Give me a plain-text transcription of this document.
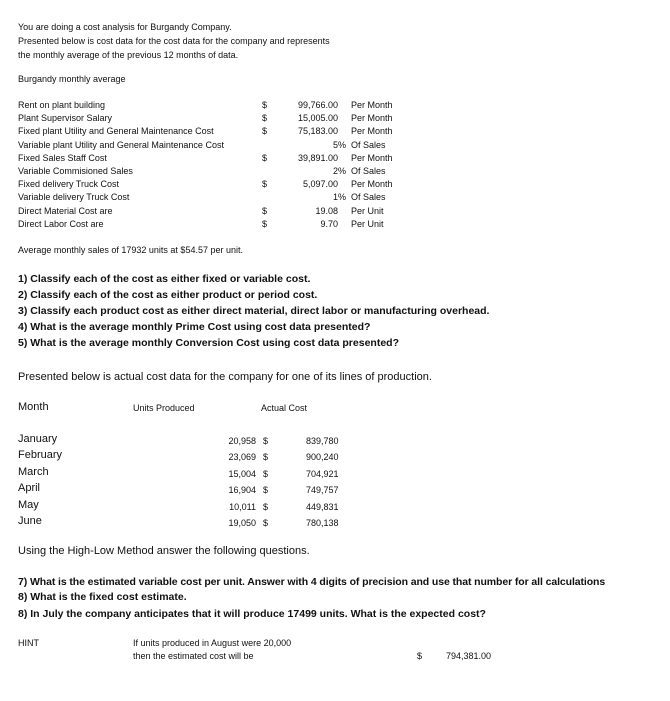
You are doing a cost analysis for Burgandy Company.
Presented below is cost data for the cost data for the company and represents
the monthly average of the previous 12 months of data.
Burgandy monthly average
Rent on plant building	$	99,766.00 Per Month
Plant Supervisor Salary	$	15,005.00 Per Month
Fixed plant Utility and General Maintenance Cost	$	75,183.00 Per Month
Variable plant Utility and General Maintenance Cost	5% Of Sales
Fixed Sales Staff Cost	$	39,891.00 Per Month
Variable Commisioned Sales	2% Of Sales
Fixed delivery Truck Cost	$	5,097.00 Per Month
Variable delivery Truck Cost	1% Of Sales
Direct Material Cost are	$	19.08 Per Unit
Direct Labor Cost are	$	9.70 Per Unit
Average monthly sales of 17932 units at $54.57 per unit.
1) Classify each of the cost as either fixed or variable cost.
2) Classify each of the cost as either product or period cost.
3) Classify each product cost as either direct material, direct labor or manufacturing overhead.
4) What is the average monthly Prime Cost using cost data presented?
5) What is the average monthly Conversion Cost using cost data presented?
Presented below is actual cost data for the company for one of its lines of production.
Month	Units Produced	Actual Cost
January	20,958 $	839,780
February	23,069 $	900,240
March	15,004 $	704,921
April	16,904 $	749,757
May	10,011 $	449,831
June	19,050 $	780,138
Using the High-Low Method answer the following questions.
7) What is the estimated variable cost per unit. Answer with 4 digits of precision and use that number for all calculations
8) What is the fixed cost estimate.
8) In July the company anticipates that it will produce 17499 units. What is the expected cost?
HINT	If units produced in August were 20,000
then the estimated cost will be	$	794,381.00
